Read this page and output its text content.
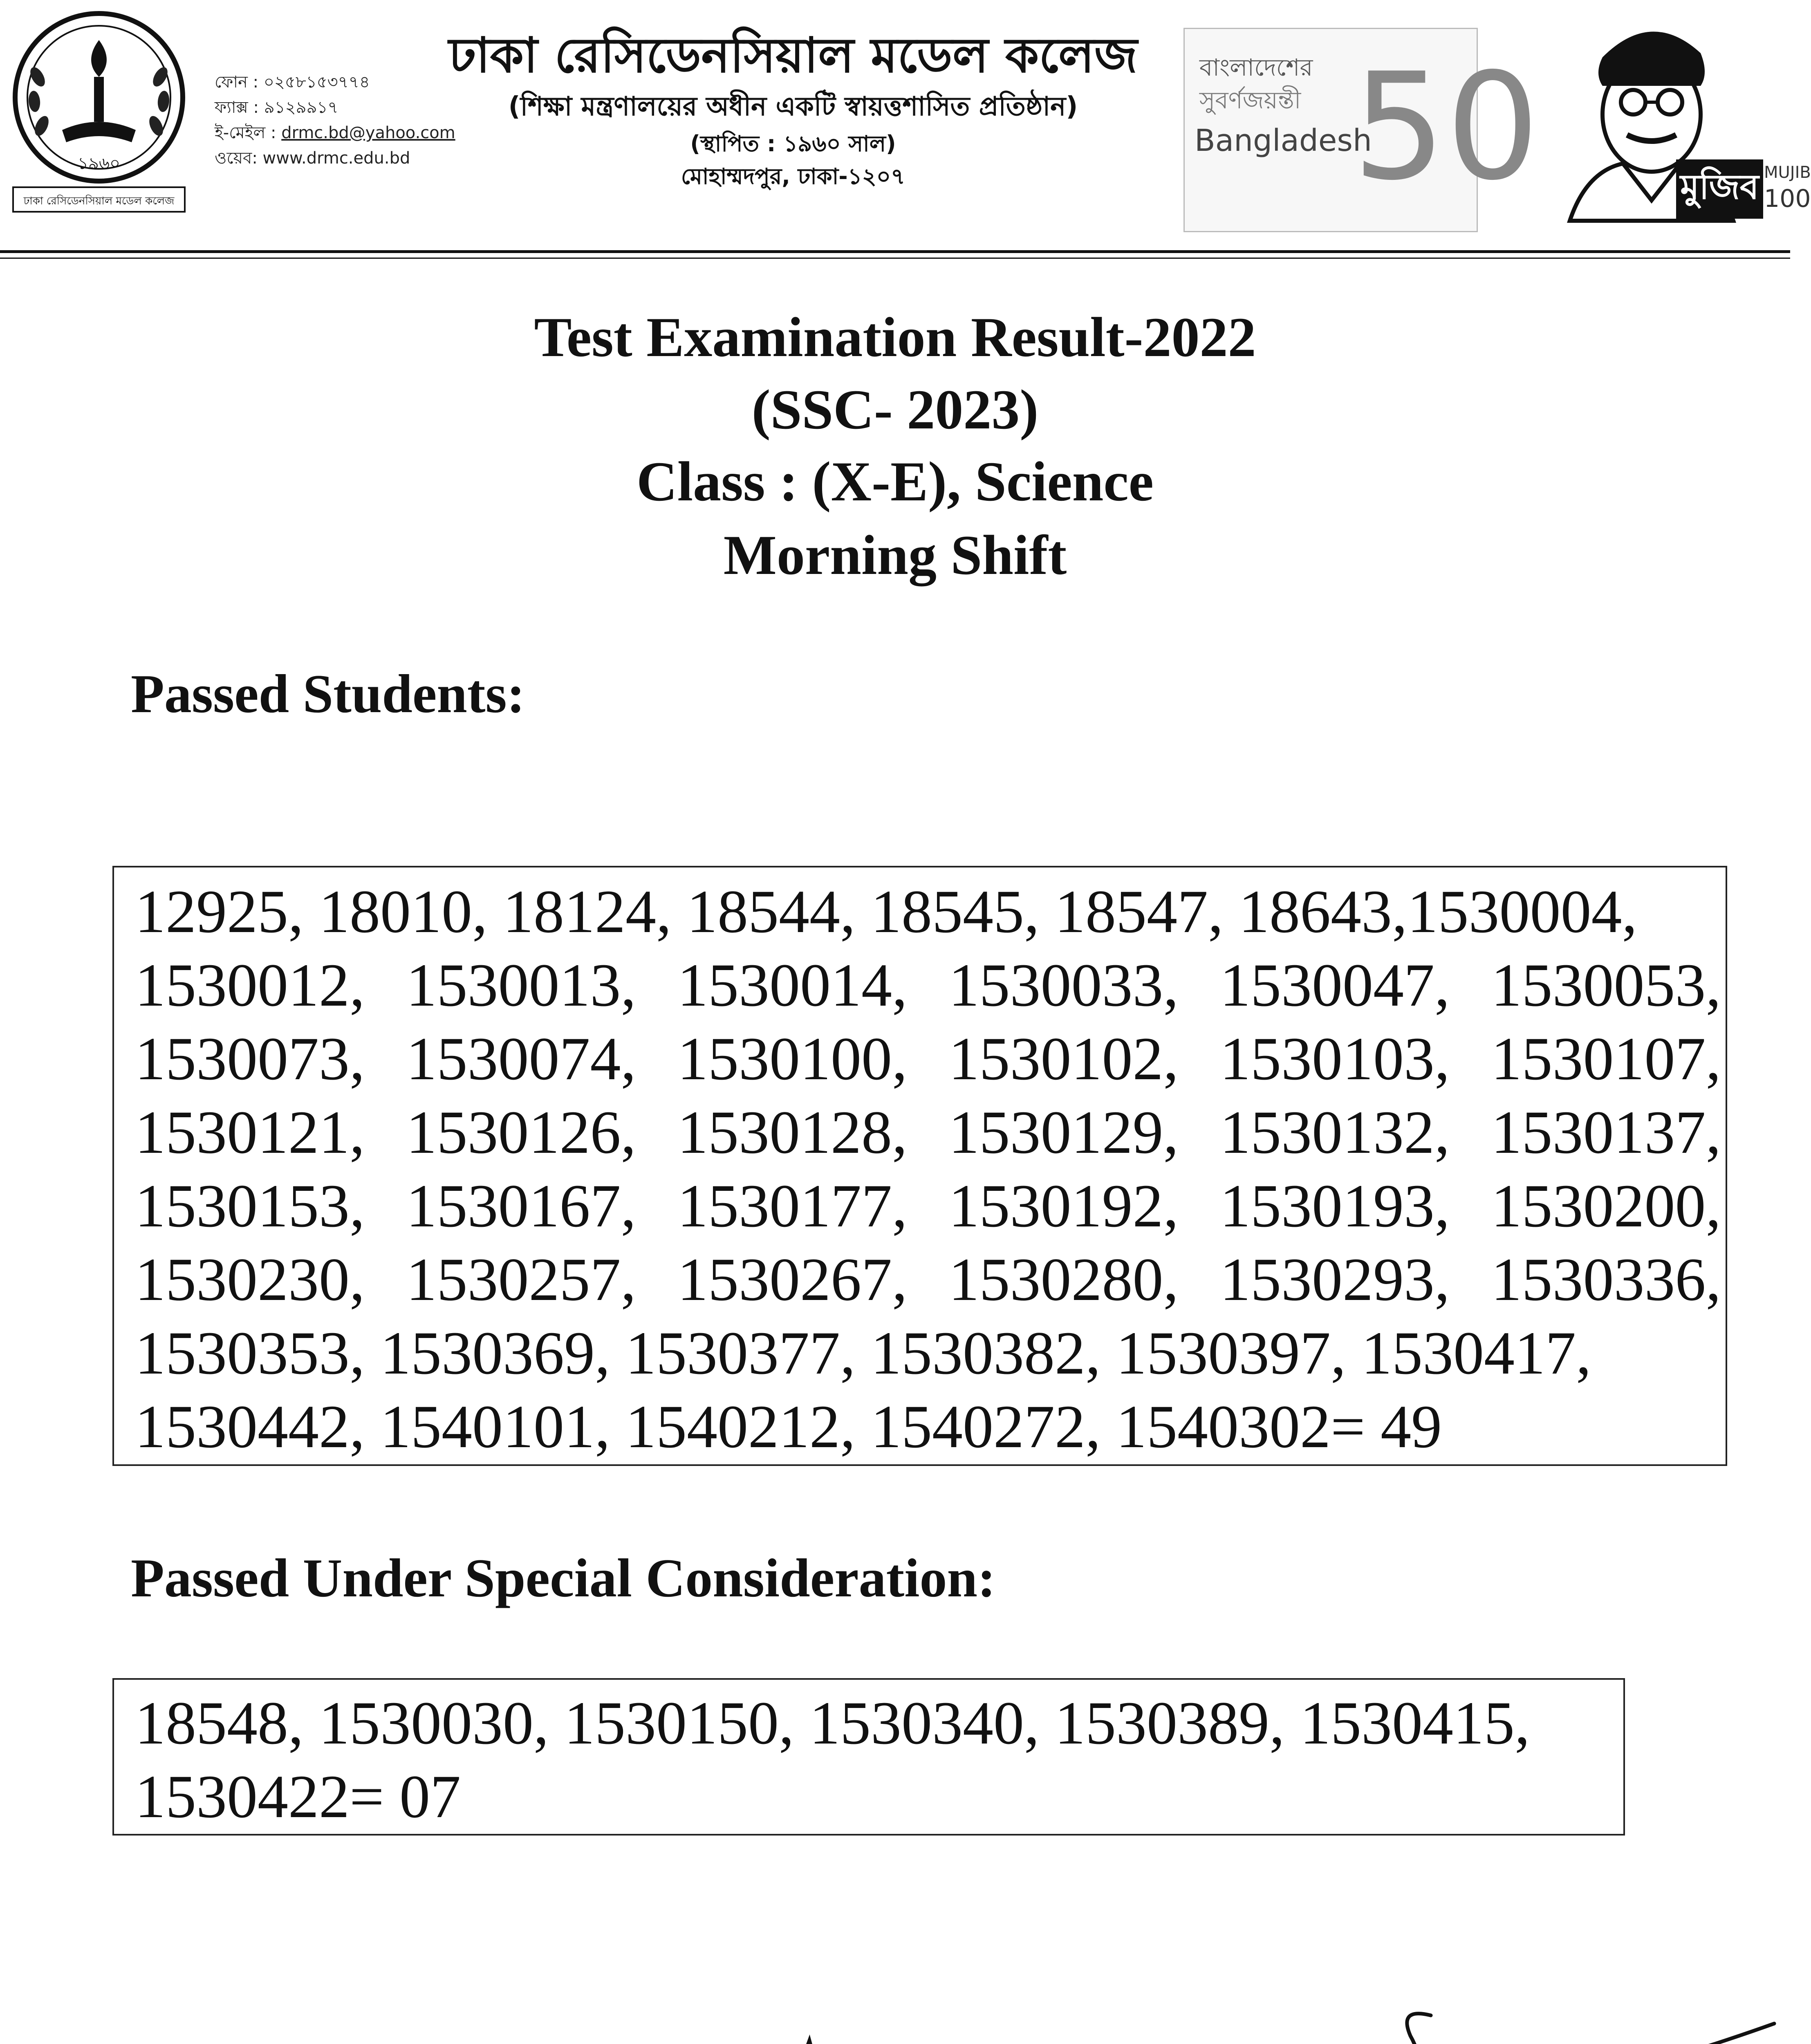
১৯৬০
ঢাকা রেসিডেনসিয়াল মডেল কলেজ
ফোন : ০২৫৮১৫৩৭৭৪
ফ্যাক্স : ৯১২৯৯১৭
ই-মেইল : drmc.bd@yahoo.com
ওয়েব: www.drmc.edu.bd
ঢাকা রেসিডেনসিয়াল মডেল কলেজ
(শিক্ষা মন্ত্রণালয়ের অধীন একটি স্বায়ত্তশাসিত প্রতিষ্ঠান)
(স্থাপিত : ১৯৬০ সাল)
মোহাম্মদপুর, ঢাকা-১২০৭
বাংলাদেশের
সুবর্ণজয়ন্তী 50
Bangladesh
মুজিব MUJIB
100
Test Examination Result-2022
(SSC- 2023)
Class : (X-E), Science
Morning Shift
Passed Students:
12925, 18010, 18124, 18544, 18545, 18547, 18643,1530004,
1530012, 1530013, 1530014, 1530033, 1530047, 1530053,
1530073, 1530074, 1530100, 1530102, 1530103, 1530107,
1530121, 1530126, 1530128, 1530129, 1530132, 1530137,
1530153, 1530167, 1530177, 1530192, 1530193, 1530200,
1530230, 1530257, 1530267, 1530280, 1530293, 1530336,
1530353, 1530369, 1530377, 1530382, 1530397, 1530417,
1530442, 1540101, 1540212, 1540272, 1540302= 49
Passed Under Special Consideration:
18548, 1530030, 1530150, 1530340, 1530389, 1530415,
1530422= 07
